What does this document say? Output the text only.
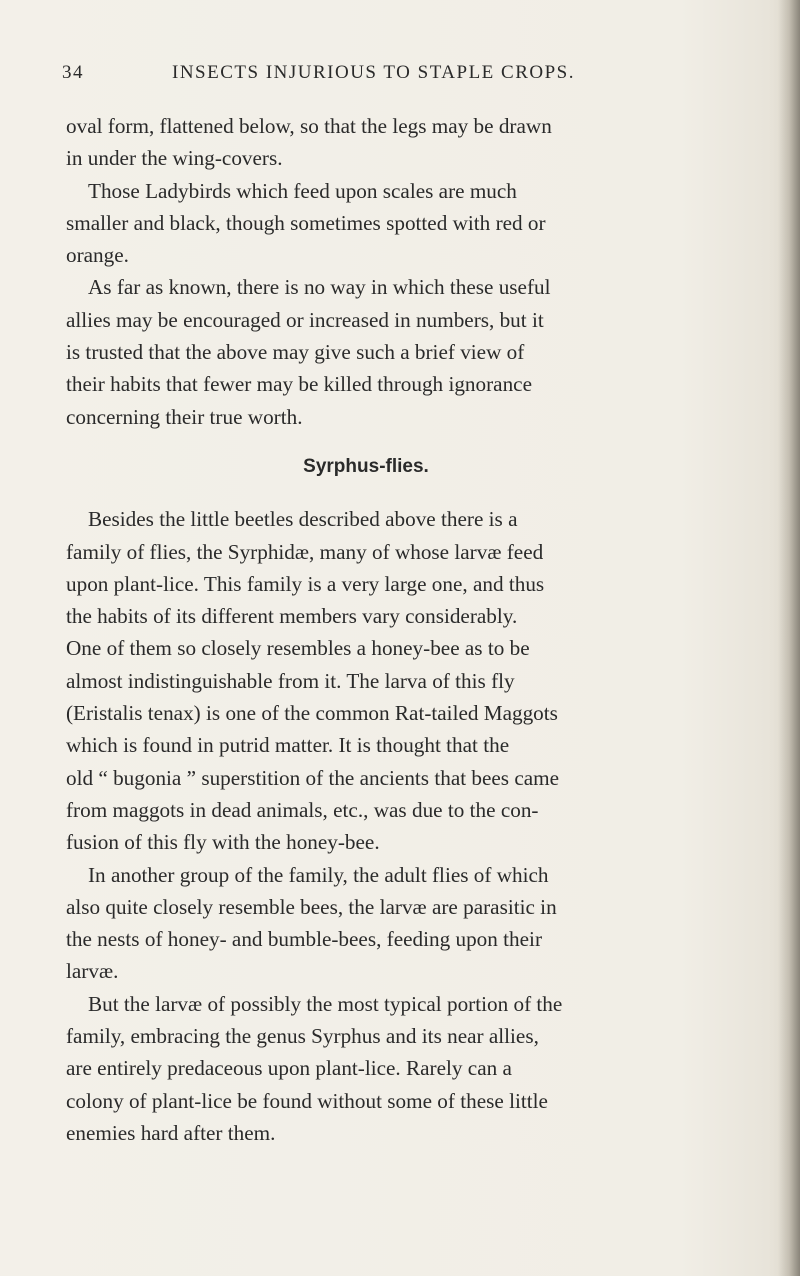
34	INSECTS INJURIOUS TO STAPLE CROPS.
oval form, flattened below, so that the legs may be drawn
in under the wing-covers.
Those Ladybirds which feed upon scales are much
smaller and black, though sometimes spotted with red or
orange.
As far as known, there is no way in which these useful
allies may be encouraged or increased in numbers, but it
is trusted that the above may give such a brief view of
their habits that fewer may be killed through ignorance
concerning their true worth.
Syrphus-flies.
Besides the little beetles described above there is a
family of flies, the Syrphidæ, many of whose larvæ feed
upon plant-lice. This family is a very large one, and thus
the habits of its different members vary considerably.
One of them so closely resembles a honey-bee as to be
almost indistinguishable from it. The larva of this fly
(Eristalis tenax) is one of the common Rat-tailed Maggots
which is found in putrid matter. It is thought that the
old “ bugonia ” superstition of the ancients that bees came
from maggots in dead animals, etc., was due to the con-
fusion of this fly with the honey-bee.
In another group of the family, the adult flies of which
also quite closely resemble bees, the larvæ are parasitic in
the nests of honey- and bumble-bees, feeding upon their
larvæ.
But the larvæ of possibly the most typical portion of the
family, embracing the genus Syrphus and its near allies,
are entirely predaceous upon plant-lice. Rarely can a
colony of plant-lice be found without some of these little
enemies hard after them.
